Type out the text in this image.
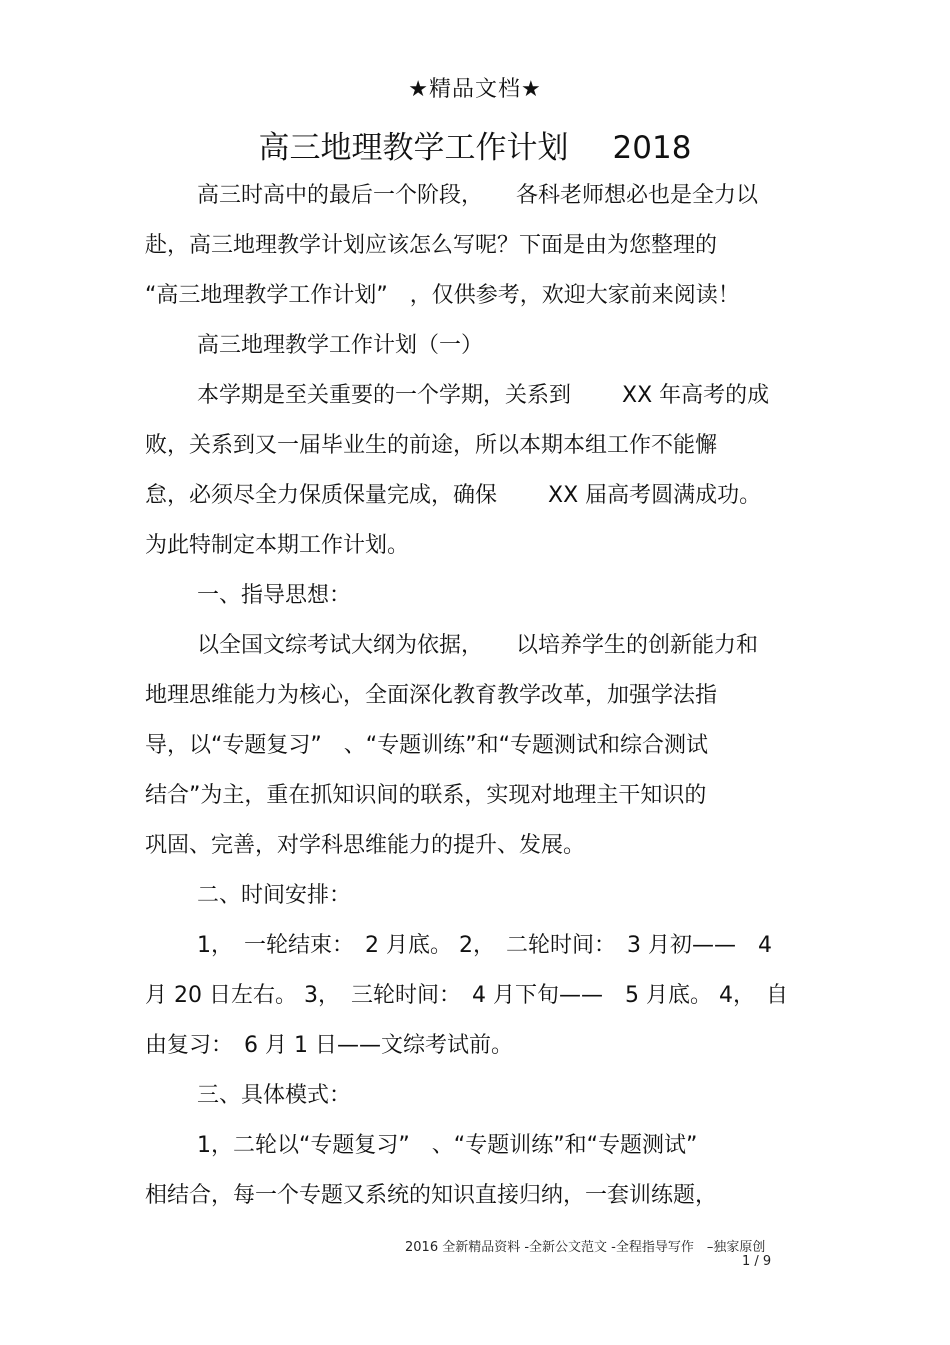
★精品文档★
高三地理教学工作计划 2018
高三时高中的最后一个阶段，　　各科老师想必也是全力以
赴，高三地理教学计划应该怎么写呢？下面是由为您整理的
“高三地理教学工作计划”　，仅供参考，欢迎大家前来阅读！
高三地理教学工作计划（一）
本学期是至关重要的一个学期，关系到　　 XX 年高考的成
败，关系到又一届毕业生的前途，所以本期本组工作不能懈
怠，必须尽全力保质保量完成，确保　　 XX 届高考圆满成功。
为此特制定本期工作计划。
一、指导思想：
以全国文综考试大纲为依据，　　以培养学生的创新能力和
地理思维能力为核心，全面深化教育教学改革，加强学法指
导，以“专题复习”　、“专题训练”和“专题测试和综合测试
结合”为主，重在抓知识间的联系，实现对地理主干知识的
巩固、完善，对学科思维能力的提升、发展。
二、时间安排：
1，　一轮结束：　2 月底。 2，　二轮时间：　3 月初——　4
月 20 日左右。 3，　三轮时间：　4 月下旬——　5 月底。 4，　自
由复习：　6 月 1 日——文综考试前。
三、具体模式：
1，二轮以“专题复习”　、“专题训练”和“专题测试”
相结合，每一个专题又系统的知识直接归纳，一套训练题，
2016 全新精品资料 -全新公文范文 -全程指导写作　–独家原创
1 / 9
